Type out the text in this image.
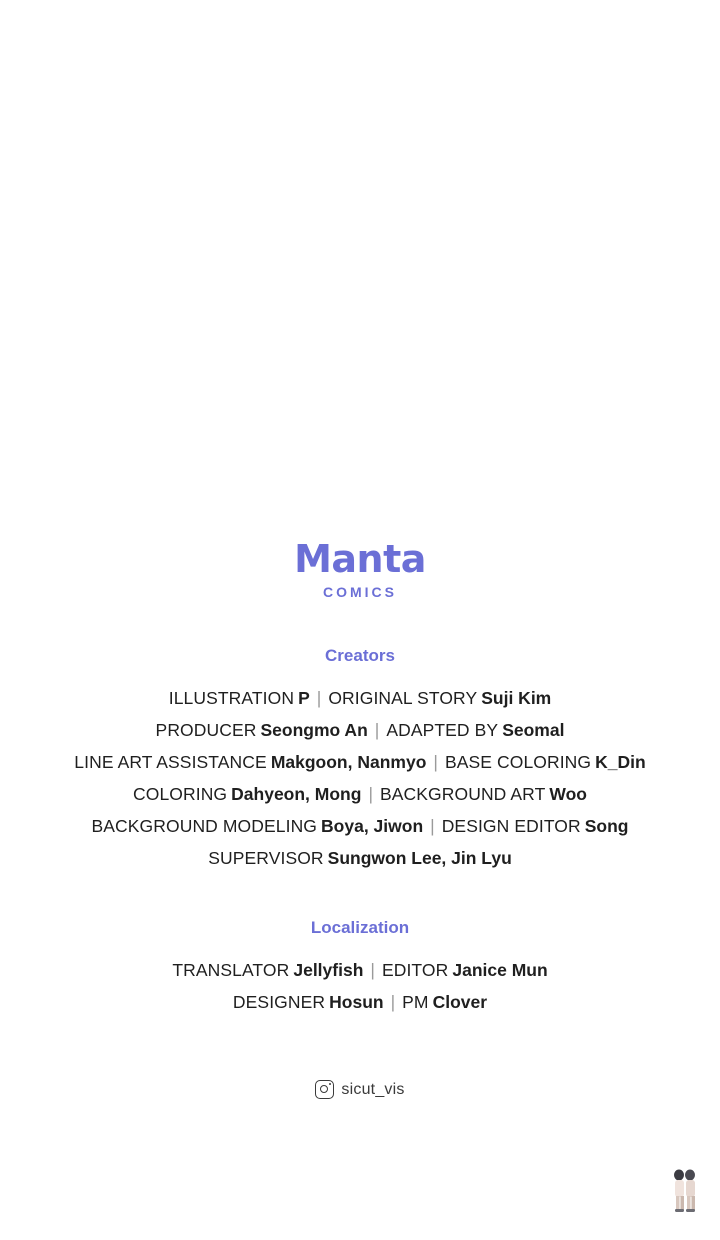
Manta
COMICS
Creators
ILLUSTRATION P | ORIGINAL STORY Suji Kim
PRODUCER Seongmo An | ADAPTED BY Seomal
LINE ART ASSISTANCE Makgoon, Nanmyo | BASE COLORING K_Din
COLORING Dahyeon, Mong | BACKGROUND ART Woo
BACKGROUND MODELING Boya, Jiwon | DESIGN EDITOR Song
SUPERVISOR Sungwon Lee, Jin Lyu
Localization
TRANSLATOR Jellyfish | EDITOR Janice Mun
DESIGNER Hosun | PM Clover
sicut_vis
